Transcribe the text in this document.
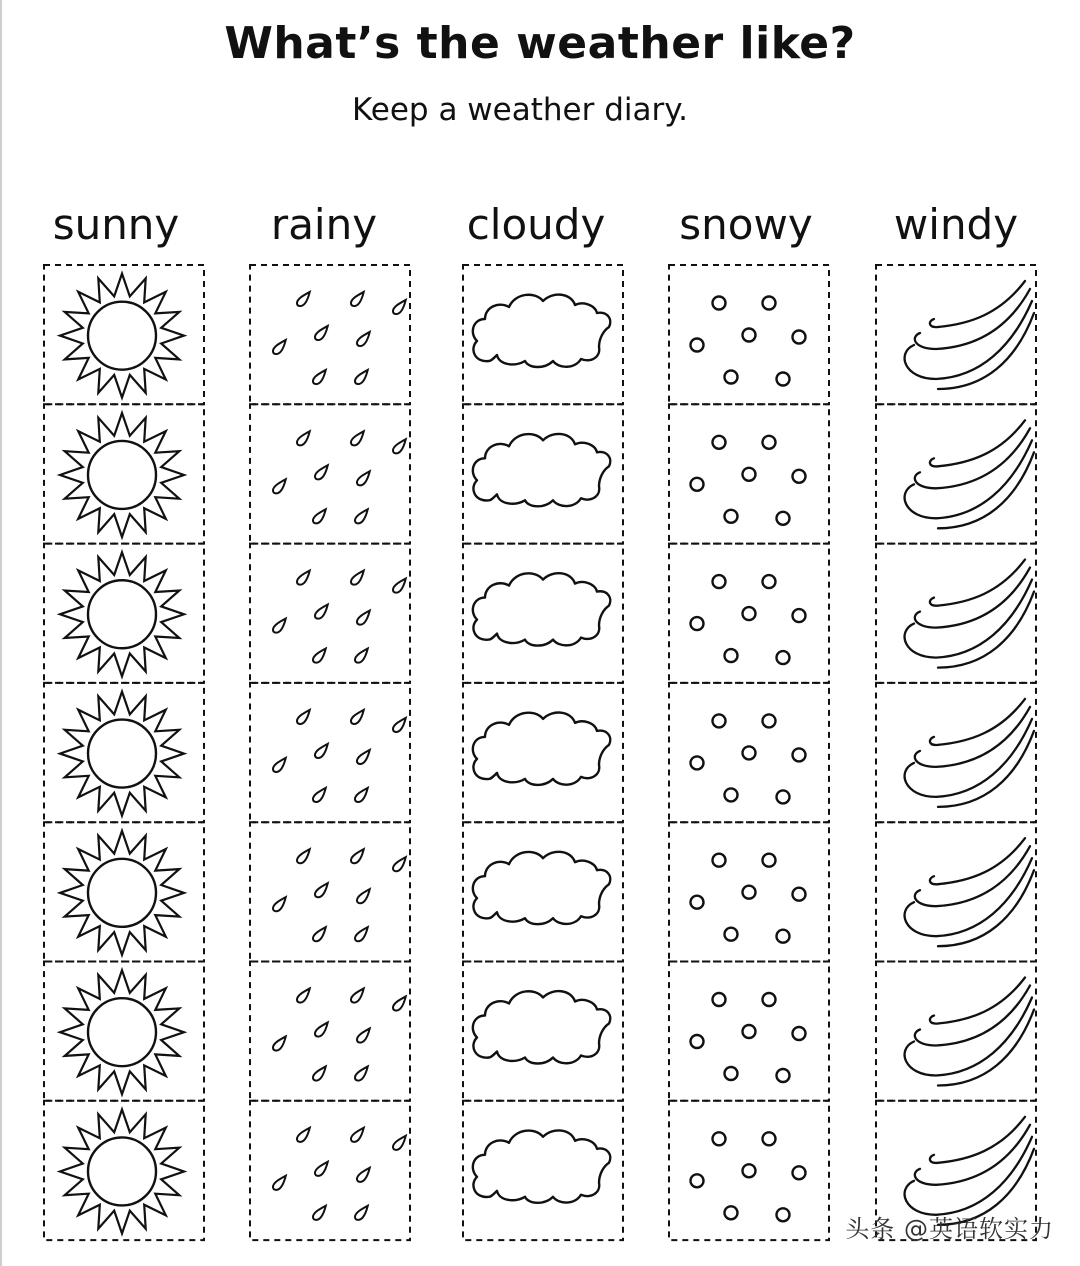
What’s the weather like?
Keep a weather diary.
sunny	rainy	cloudy	snowy	windy
头条 @英语软实力
